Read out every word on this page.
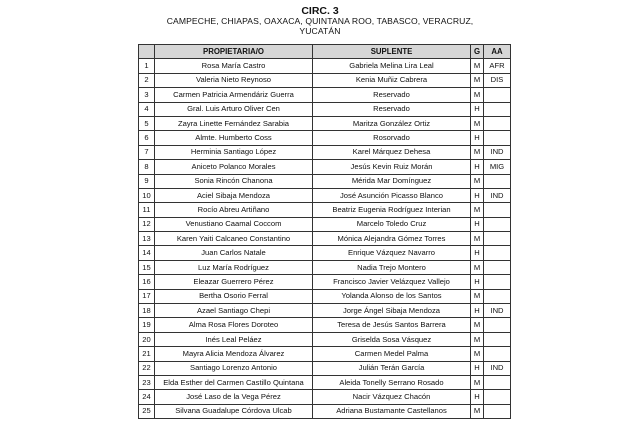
CIRC. 3
CAMPECHE, CHIAPAS, OAXACA, QUINTANA ROO, TABASCO, VERACRUZ, YUCATÁN
	PROPIETARIA/O	SUPLENTE	G	AA
1	Rosa María Castro	Gabriela Melina Lira Leal	M	AFR
2	Valeria Nieto Reynoso	Kenia Muñiz Cabrera	M	DIS
3	Carmen Patricia Armendáriz Guerra	Reservado	M	
4	Gral. Luis Arturo Oliver Cen	Reservado	H	
5	Zayra Linette Fernández Sarabia	Maritza González Ortiz	M	
6	Almte. Humberto Coss	Rosorvado	H	
7	Herminia Santiago López	Karel Márquez Dehesa	M	IND
8	Aniceto Polanco Morales	Jesús Kevin Ruiz Morán	H	MIG
9	Sonia Rincón Chanona	Mérida Mar Domínguez	M	
10	Aciel Sibaja Mendoza	José Asunción Picasso Blanco	H	IND
11	Rocío Abreu Artiñano	Beatriz Eugenia Rodríguez Interian	M	
12	Venustiano Caamal Coccom	Marcelo Toledo Cruz	H	
13	Karen Yaiti Calcaneo Constantino	Mónica Alejandra Gómez Torres	M	
14	Juan Carlos Natale	Enrique Vázquez Navarro	H	
15	Luz María Rodríguez	Nadia Trejo Montero	M	
16	Eleazar Guerrero Pérez	Francisco Javier Velázquez Vallejo	H	
17	Bertha Osorio Ferral	Yolanda Alonso de los Santos	M	
18	Azael Santiago Chepi	Jorge Ángel Sibaja Mendoza	H	IND
19	Alma Rosa Flores Doroteo	Teresa de Jesús Santos Barrera	M	
20	Inés Leal Peláez	Griselda Sosa Vásquez	M	
21	Mayra Alicia Mendoza Álvarez	Carmen Medel Palma	M	
22	Santiago Lorenzo Antonio	Julián Terán García	H	IND
23	Elda Esther del Carmen Castillo Quintana	Aleida Tonelly Serrano Rosado	M	
24	José Laso de la Vega Pérez	Nacir Vázquez Chacón	H	
25	Silvana Guadalupe Córdova Ulcab	Adriana Bustamante Castellanos	M	
